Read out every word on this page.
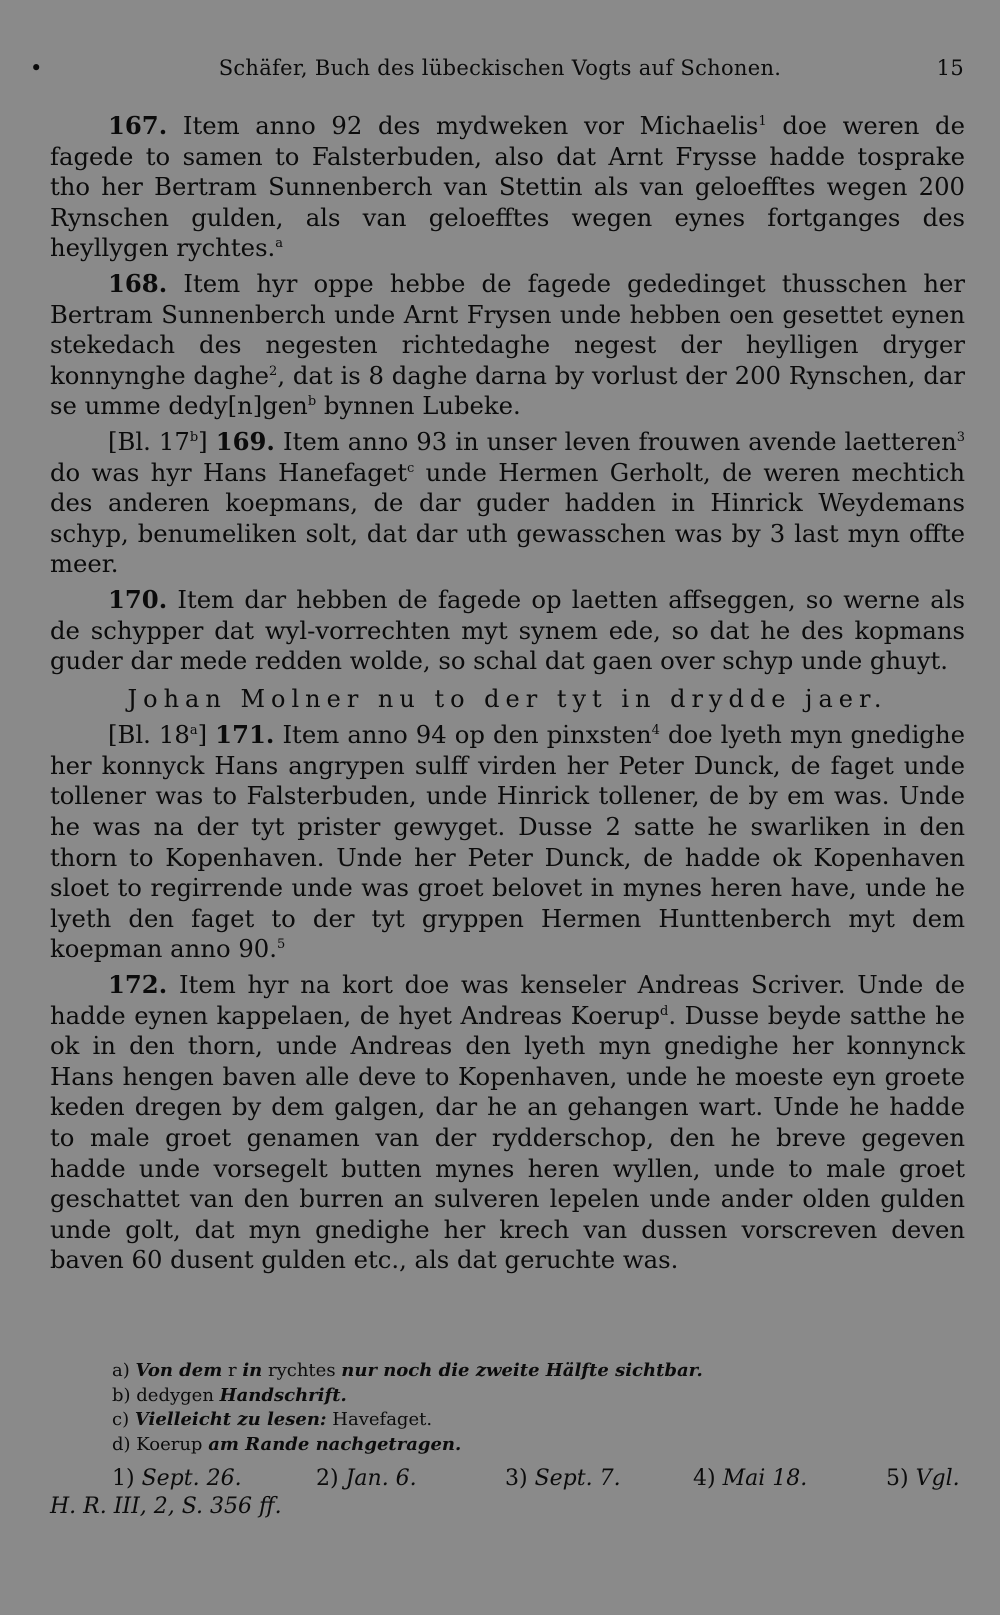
•	Schäfer, Buch des lübeckischen Vogts auf Schonen.	15

167. Item anno 92 des mydweken vor Michaelis$^1$ doe weren de fagede to samen to Falsterbuden, also dat Arnt Frysse hadde tosprake tho her Bertram Sunnenberch van Stettin als van geloefftes wegen 200 Rynschen gulden, als van geloefftes wegen eynes fortganges des heyllygen rychtes.$^a$

168. Item hyr oppe hebbe de fagede gededinget thusschen her Bertram Sunnenberch unde Arnt Frysen unde hebben oen gesettet eynen stekedach des negesten richtedaghe negest der heylligen dryger konnynghe daghe$^2$, dat is 8 daghe darna by vorlust der 200 Rynschen, dar se umme dedy[n]gen$^b$ bynnen Lubeke.

[Bl. 17$^b$] 169. Item anno 93 in unser leven frouwen avende laetteren$^3$ do was hyr Hans Hanefaget$^c$ unde Hermen Gerholt, de weren mechtich des anderen koepmans, de dar guder hadden in Hinrick Weydemans schyp, benumeliken solt, dat dar uth gewasschen was by 3 last myn offte meer.

170. Item dar hebben de fagede op laetten affseggen, so werne als de schypper dat wyl-vorrechten myt synem ede, so dat he des kopmans guder dar mede redden wolde, so schal dat gaen over schyp unde ghuyt.

Johan Molner nu to der tyt in drydde jaer.

[Bl. 18$^a$] 171. Item anno 94 op den pinxsten$^4$ doe lyeth myn gnedighe her konnyck Hans angrypen sulff virden her Peter Dunck, de faget unde tollener was to Falsterbuden, unde Hinrick tollener, de by em was. Unde he was na der tyt prister gewyget. Dusse 2 satte he swarliken in den thorn to Kopenhaven. Unde her Peter Dunck, de hadde ok Kopenhaven sloet to regirrende unde was groet belovet in mynes heren have, unde he lyeth den faget to der tyt gryppen Hermen Hunttenberch myt dem koepman anno 90.$^5$

172. Item hyr na kort doe was kenseler Andreas Scriver. Unde de hadde eynen kappelaen, de hyet Andreas Koerup$^d$. Dusse beyde satthe he ok in den thorn, unde Andreas den lyeth myn gnedighe her konnynck Hans hengen baven alle deve to Kopenhaven, unde he moeste eyn groete keden dregen by dem galgen, dar he an gehangen wart. Unde he hadde to male groet genamen van der rydderschop, den he breve gegeven hadde unde vorsegelt butten mynes heren wyllen, unde to male groet geschattet van den burren an sulveren lepelen unde ander olden gulden unde golt, dat myn gnedighe her krech van dussen vorscreven deven baven 60 dusent gulden etc., als dat geruchte was.

a) Von dem r in rychtes nur noch die zweite Hälfte sichtbar.
b) dedygen Handschrift.
c) Vielleicht zu lesen: Havefaget.
d) Koerup am Rande nachgetragen.
1) Sept. 26.	2) Jan. 6.	3) Sept. 7.	4) Mai 18.	5) Vgl.
H. R. III, 2, S. 356 ff.
